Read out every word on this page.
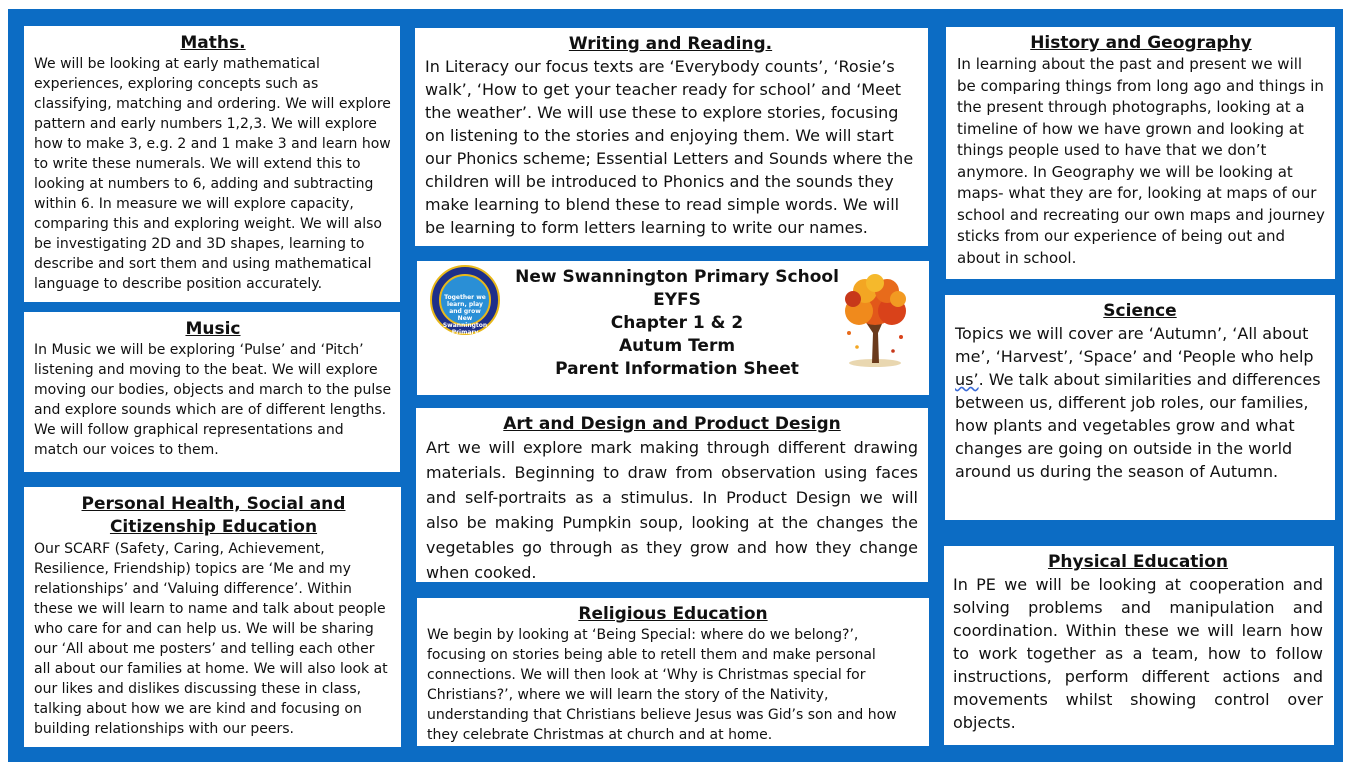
Maths.

We will be looking at early mathematical experiences, exploring concepts such as classifying, matching and ordering. We will explore pattern and early numbers 1,2,3. We will explore how to make 3, e.g. 2 and 1 make 3 and learn how to write these numerals. We will extend this to looking at numbers to 6, adding and subtracting within 6. In measure we will explore capacity, comparing this and exploring weight. We will also be investigating 2D and 3D shapes, learning to describe and sort them and using mathematical language to describe position accurately.

Music

In Music we will be exploring ‘Pulse’ and ‘Pitch’ listening and moving to the beat. We will explore moving our bodies, objects and march to the pulse and explore sounds which are of different lengths. We will follow graphical representations and match our voices to them.

Personal Health, Social and Citizenship Education

Our SCARF (Safety, Caring, Achievement, Resilience, Friendship) topics are ‘Me and my relationships’ and ‘Valuing difference’. Within these we will learn to name and talk about people who care for and can help us. We will be sharing our ‘All about me posters’ and telling each other all about our families at home. We will also look at our likes and dislikes discussing these in class, talking about how we are kind and focusing on building relationships with our peers.

Writing and Reading.

In Literacy our focus texts are ‘Everybody counts’, ‘Rosie’s walk’, ‘How to get your teacher ready for school’ and ‘Meet the weather’. We will use these to explore stories, focusing on listening to the stories and enjoying them. We will start our Phonics scheme; Essential Letters and Sounds where the children will be introduced to Phonics and the sounds they make learning to blend these to read simple words. We will be learning to form letters learning to write our names.

Together we learn, play and grow New Swannington Primary School
New Swannington Primary School
EYFS
Chapter 1 & 2
Autum Term
Parent Information Sheet
Art and Design and Product Design

Art we will explore mark making through different drawing materials. Beginning to draw from observation using faces and self-portraits as a stimulus. In Product Design we will also be making Pumpkin soup, looking at the changes the vegetables go through as they grow and how they change when cooked.

Religious Education

We begin by looking at ‘Being Special: where do we belong?’, focusing on stories being able to retell them and make personal connections. We will then look at ‘Why is Christmas special for Christians?’, where we will learn the story of the Nativity, understanding that Christians believe Jesus was Gid’s son and how they celebrate Christmas at church and at home.

History and Geography

In learning about the past and present we will be comparing things from long ago and things in the present through photographs, looking at a timeline of how we have grown and looking at things people used to have that we don’t anymore. In Geography we will be looking at maps- what they are for, looking at maps of our school and recreating our own maps and journey sticks from our experience of being out and about in school.

Science

Topics we will cover are ‘Autumn’, ‘All about me’, ‘Harvest’, ‘Space’ and ‘People who help us’. We talk about similarities and differences between us, different job roles, our families, how plants and vegetables grow and what changes are going on outside in the world around us during the season of Autumn.

Physical Education

In PE we will be looking at cooperation and solving problems and manipulation and coordination. Within these we will learn how to work together as a team, how to follow instructions, perform different actions and movements whilst showing control over objects.
